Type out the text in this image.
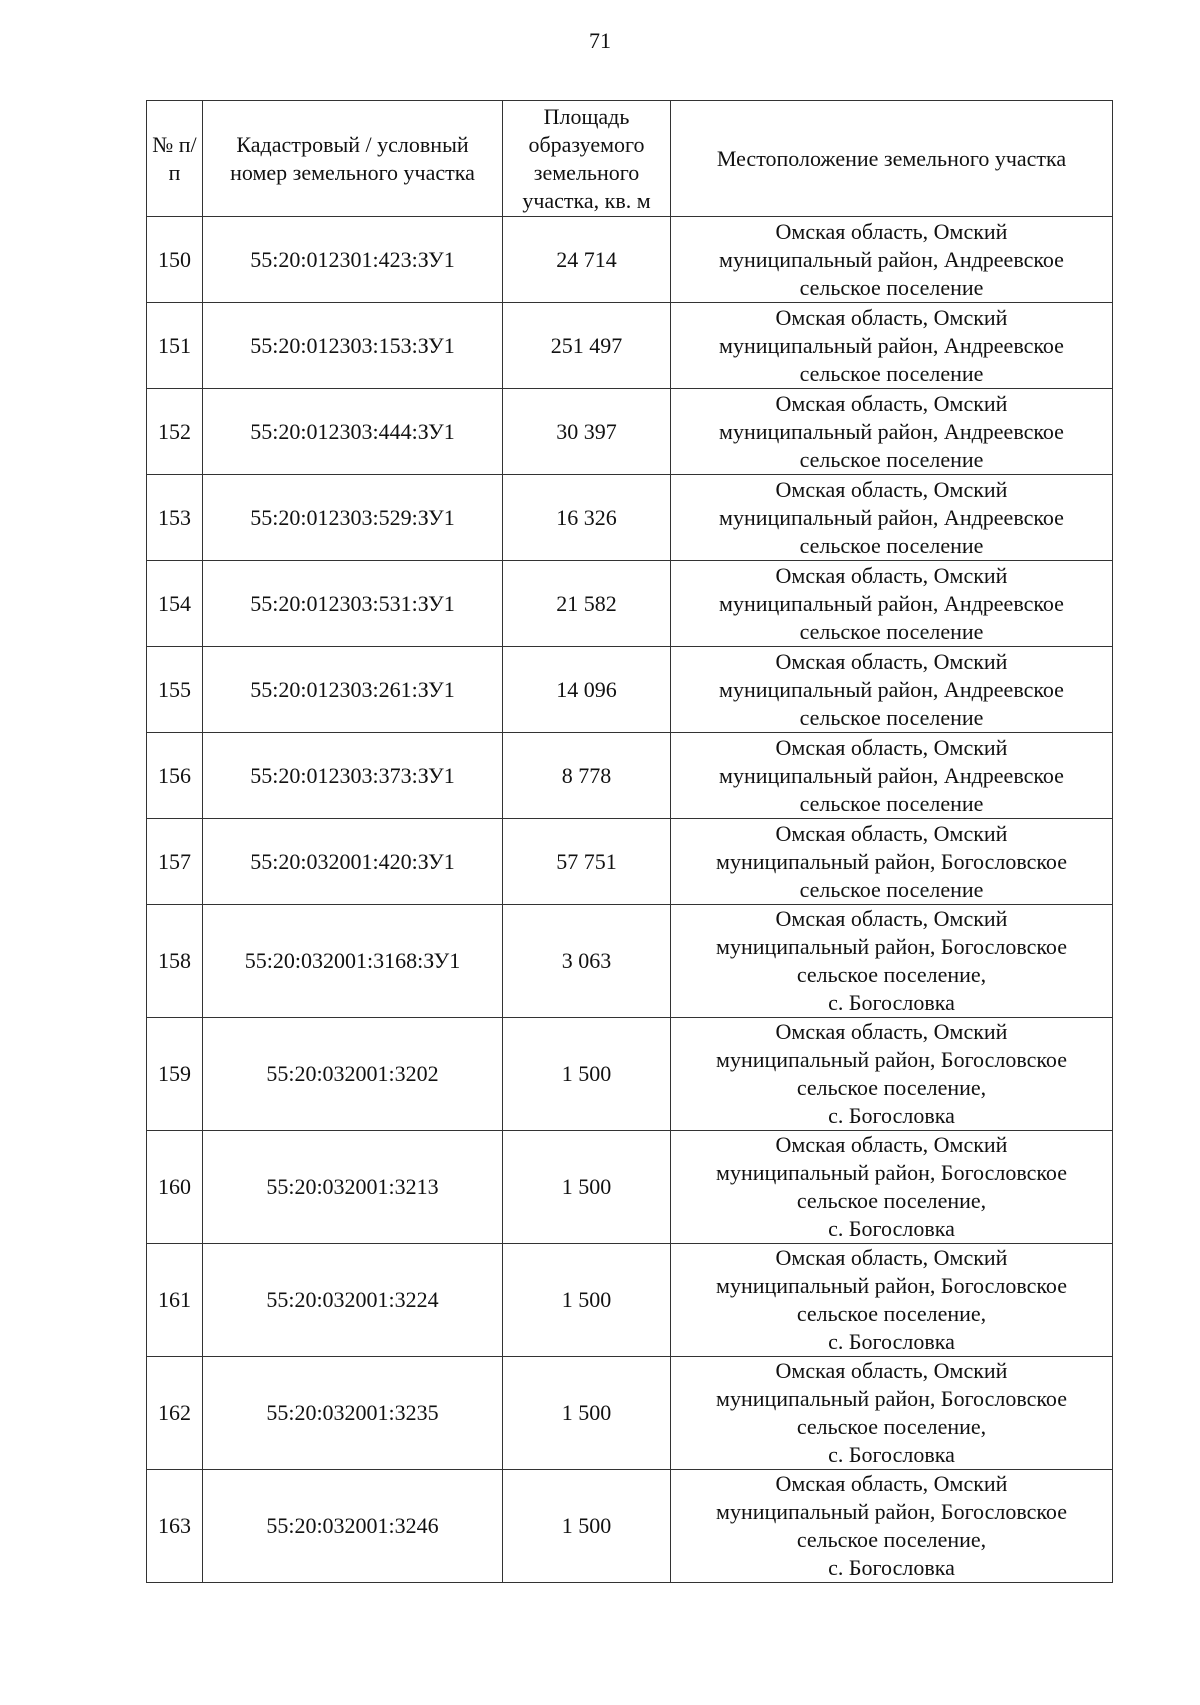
71
№ п/п	Кадастровый / условный номер земельного участка	Площадь образуемого земельного участка, кв. м	Местоположение земельного участка
150	55:20:012301:423:ЗУ1	24 714	Омская область, Омский
муниципальный район, Андреевское
сельское поселение

151	55:20:012303:153:ЗУ1	251 497	Омская область, Омский
муниципальный район, Андреевское
сельское поселение

152	55:20:012303:444:ЗУ1	30 397	Омская область, Омский
муниципальный район, Андреевское
сельское поселение

153	55:20:012303:529:ЗУ1	16 326	Омская область, Омский
муниципальный район, Андреевское
сельское поселение

154	55:20:012303:531:ЗУ1	21 582	Омская область, Омский
муниципальный район, Андреевское
сельское поселение

155	55:20:012303:261:ЗУ1	14 096	Омская область, Омский
муниципальный район, Андреевское
сельское поселение

156	55:20:012303:373:ЗУ1	8 778	Омская область, Омский
муниципальный район, Андреевское
сельское поселение

157	55:20:032001:420:ЗУ1	57 751	Омская область, Омский
муниципальный район, Богословское
сельское поселение

158	55:20:032001:3168:ЗУ1	3 063	Омская область, Омский
муниципальный район, Богословское
сельское поселение,
с. Богословка

159	55:20:032001:3202	1 500	Омская область, Омский
муниципальный район, Богословское
сельское поселение,
с. Богословка

160	55:20:032001:3213	1 500	Омская область, Омский
муниципальный район, Богословское
сельское поселение,
с. Богословка

161	55:20:032001:3224	1 500	Омская область, Омский
муниципальный район, Богословское
сельское поселение,
с. Богословка

162	55:20:032001:3235	1 500	Омская область, Омский
муниципальный район, Богословское
сельское поселение,
с. Богословка

163	55:20:032001:3246	1 500	Омская область, Омский
муниципальный район, Богословское
сельское поселение,
с. Богословка
